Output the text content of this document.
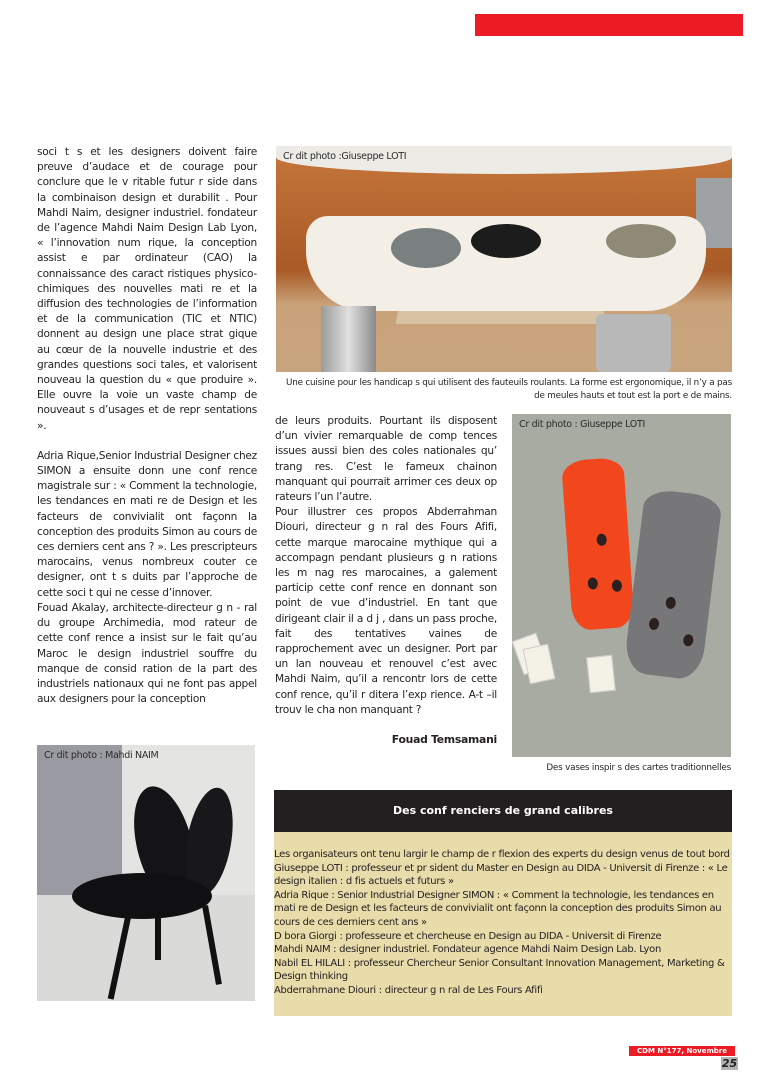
soci t s et les designers doivent faire preuve d’audace et de courage pour conclure que le v ritable futur r side dans la combinaison design et durabilit . Pour Mahdi Naim, designer industriel. fondateur de l’agence Mahdi Naim Design Lab Lyon, « l’innovation num rique, la conception assist e par ordinateur (CAO) la connaissance des caract ristiques physico-chimiques des nouvelles mati re et la diffusion des technologies de l’information et de la communication (TIC et NTIC) donnent au design une place strat gique au cœur de la nouvelle industrie et des grandes questions soci tales, et valorisent nouveau la question du « que produire ». Elle ouvre la voie un vaste champ de nouveaut s d’usages et de repr sentations ».

Adria Rique,Senior Industrial Designer chez SIMON a ensuite donn une conf rence magistrale sur : « Comment la technologie, les tendances en mati re de Design et les facteurs de convivialit ont façonn la conception des produits Simon au cours de ces derniers cent ans ? ». Les prescripteurs marocains, venus nombreux couter ce designer, ont t s duits par l’approche de cette soci t qui ne cesse d’innover.

Fouad Akalay, architecte-directeur g n - ral du groupe Archimedia, mod rateur de cette conf rence a insist sur le fait qu’au Maroc le design industriel souffre du manque de consid ration de la part des industriels nationaux qui ne font pas appel aux designers pour la conception

Cr dit photo :Giuseppe LOTI
Une cuisine pour les handicap s qui utilisent des fauteuils roulants. La forme est ergonomique, il n’y a pas
de meules hauts et tout est la port e de mains.

de leurs produits. Pourtant ils disposent d’un vivier remarquable de comp tences issues aussi bien des coles nationales qu’ trang res. C’est le fameux chainon manquant qui pourrait arrimer ces deux op rateurs l’un l’autre.

Pour illustrer ces propos Abderrahman Diouri, directeur g n ral des Fours Afifi, cette marque marocaine mythique qui a accompagn pendant plusieurs g n rations les m nag res marocaines, a galement particip cette conf rence en donnant son point de vue d’industriel. En tant que dirigeant clair il a d j , dans un pass proche, fait des tentatives vaines de rapprochement avec un designer. Port par un lan nouveau et renouvel c’est avec Mahdi Naim, qu’il a rencontr lors de cette conf rence, qu’il r ditera l’exp rience. A-t –il trouv le cha non manquant ?

Fouad Temsamani
Cr dit photo : Giuseppe LOTI
Des vases inspir s des cartes traditionnelles
Cr dit photo : Mahdi NAIM
Des conf renciers de grand calibres
Les organisateurs ont tenu largir le champ de r flexion des experts du design venus de tout bord
Giuseppe LOTI : professeur et pr sident du Master en Design au DIDA - Universit di Firenze : « Le design italien : d fis actuels et futurs »
Adria Rique : Senior Industrial Designer SIMON : « Comment la technologie, les tendances en mati re de Design et les facteurs de convivialit ont façonn la conception des produits Simon au cours de ces derniers cent ans »
D bora Giorgi : professeure et chercheuse en Design au DIDA - Universit di Firenze
Mahdi NAIM : designer industriel. Fondateur agence Mahdi Naim Design Lab. Lyon
Nabil EL HILALI : professeur Chercheur Senior Consultant Innovation Management, Marketing & Design thinking
Abderrahmane Diouri : directeur g n ral de Les Fours Afifi
CDM N°177, Novembre 2019	25
